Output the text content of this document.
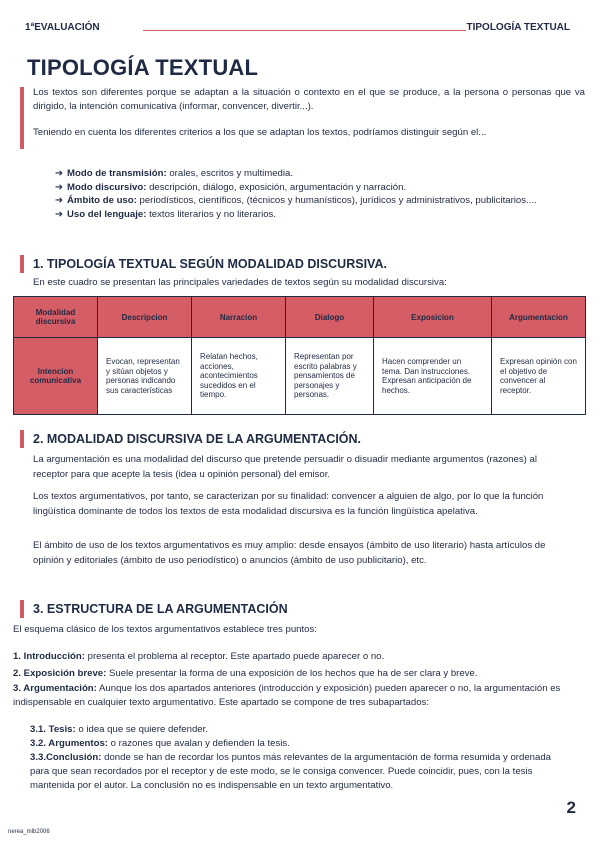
1ªEVALUACIÓN	TIPOLOGÍA TEXTUAL
TIPOLOGÍA TEXTUAL

Los textos son diferentes porque se adaptan a la situación o contexto en el que se produce, a la persona o personas que va dirigido, la intención comunicativa (informar, convencer, divertir...).

Teniendo en cuenta los diferentes criterios a los que se adaptan los textos, podríamos distinguir según el...

➔ Modo de transmisión: orales, escritos y multimedia.
➔ Modo discursivo: descripción, diálogo, exposición, argumentación y narración.
➔ Ámbito de uso: periodísticos, científicos, (técnicos y humanísticos), jurídicos y administrativos, publicitarios....
➔ Uso del lenguaje: textos literarios y no literarios.
1. TIPOLOGÍA TEXTUAL SEGÚN MODALIDAD DISCURSIVA.
En este cuadro se presentan las principales variedades de textos según su modalidad discursiva:
Modalidad discursiva	Descripcion	Narracion	Dialogo	Exposicion	Argumentacion
Intencion comunicativa	Evocan, representan y sitúan objetos y personas indicando sus características	Relatan hechos, acciones, acontecimientos sucedidos en el tiempo.	Representan por escrito palabras y pensamientos de personajes y personas.	Hacen comprender un tema. Dan instrucciones. Expresan anticipación de hechos.	Expresan opinión con el objetivo de convencer al receptor.
2. MODALIDAD DISCURSIVA DE LA ARGUMENTACIÓN.

La argumentación es una modalidad del discurso que pretende persuadir o disuadir mediante argumentos (razones) al receptor para que acepte la tesis (idea u opinión personal) del emisor.

Los textos argumentativos, por tanto, se caracterizan por su finalidad: convencer a alguien de algo, por lo que la función lingüística dominante de todos los textos de esta modalidad discursiva es la función lingüística apelativa.

El ámbito de uso de los textos argumentativos es muy amplio: desde ensayos (ámbito de uso literario) hasta artículos de opinión y editoriales (ámbito de uso periodístico) o anuncios (ámbito de uso publicitario), etc.

3. ESTRUCTURA DE LA ARGUMENTACIÓN
El esquema clásico de los textos argumentativos establece tres puntos:
1. Introducción: presenta el problema al receptor. Este apartado puede aparecer o no.
2. Exposición breve: Suele presentar la forma de una exposición de los hechos que ha de ser clara y breve.
3. Argumentación: Aunque los dos apartados anteriores (introducción y exposición) pueden aparecer o no, la argumentación es indispensable en cualquier texto argumentativo. Este apartado se compone de tres subapartados:
3.1. Tesis: o idea que se quiere defender.
3.2. Argumentos: o razones que avalan y defienden la tesis.
3.3.Conclusión: donde se han de recordar los puntos más relevantes de la argumentación de forma resumida y ordenada para que sean recordados por el receptor y de este modo, se le consiga convencer. Puede coincidir, pues, con la tesis mantenida por el autor. La conclusión no es indispensable en un texto argumentativo.
2
nerea_mlb2006
